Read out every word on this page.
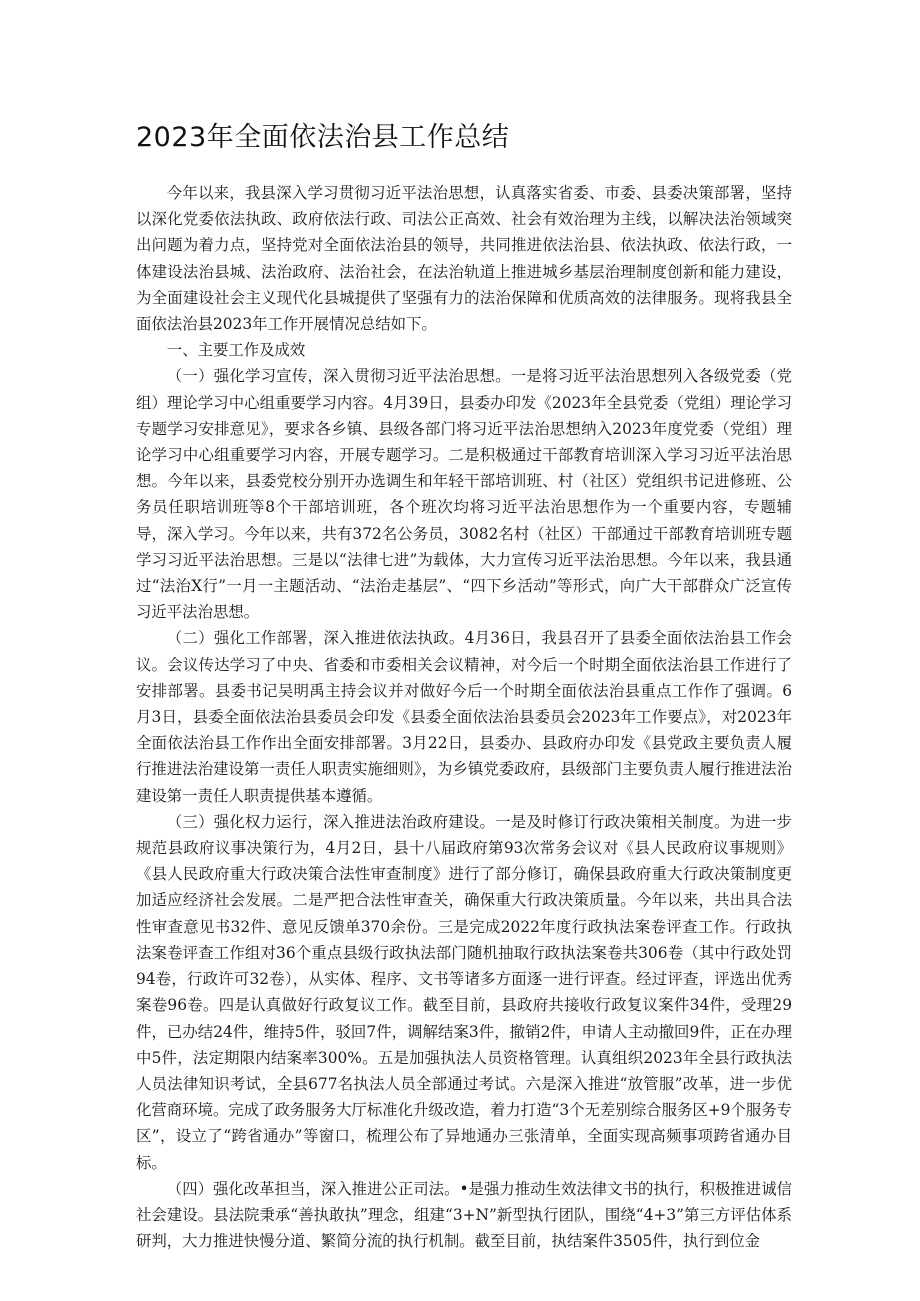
2023年全面依法治县工作总结

今年以来，我县深入学习贯彻习近平法治思想，认真落实省委、市委、县委决策部署，坚持以深化党委依法执政、政府依法行政、司法公正高效、社会有效治理为主线，以解决法治领域突出问题为着力点，坚持党对全面依法治县的领导，共同推进依法治县、依法执政、依法行政，一体建设法治县城、法治政府、法治社会，在法治轨道上推进城乡基层治理制度创新和能力建设，为全面建设社会主义现代化县城提供了坚强有力的法治保障和优质高效的法律服务。现将我县全面依法治县2023年工作开展情况总结如下。

一、主要工作及成效

（一）强化学习宣传，深入贯彻习近平法治思想。一是将习近平法治思想列入各级党委（党组）理论学习中心组重要学习内容。4月39日，县委办印发《2023年全县党委（党组）理论学习专题学习安排意见》，要求各乡镇、县级各部门将习近平法治思想纳入2023年度党委（党组）理论学习中心组重要学习内容，开展专题学习。二是积极通过干部教育培训深入学习习近平法治思想。今年以来，县委党校分别开办选调生和年轻干部培训班、村（社区）党组织书记进修班、公务员任职培训班等8个干部培训班，各个班次均将习近平法治思想作为一个重要内容，专题辅导，深入学习。今年以来，共有372名公务员，3082名村（社区）干部通过干部教育培训班专题学习习近平法治思想。三是以“法律七进”为载体，大力宣传习近平法治思想。今年以来，我县通过“法治X行”一月一主题活动、“法治走基层”、“四下乡活动”等形式，向广大干部群众广泛宣传习近平法治思想。

（二）强化工作部署，深入推进依法执政。4月36日，我县召开了县委全面依法治县工作会议。会议传达学习了中央、省委和市委相关会议精神，对今后一个时期全面依法治县工作进行了安排部署。县委书记吴明禹主持会议并对做好今后一个时期全面依法治县重点工作作了强调。6月3日，县委全面依法治县委员会印发《县委全面依法治县委员会2023年工作要点》，对2023年全面依法治县工作作出全面安排部署。3月22日，县委办、县政府办印发《县党政主要负责人履行推进法治建设第一责任人职责实施细则》，为乡镇党委政府，县级部门主要负责人履行推进法治建设第一责任人职责提供基本遵循。

（三）强化权力运行，深入推进法治政府建设。一是及时修订行政决策相关制度。为进一步规范县政府议事决策行为，4月2日，县十八届政府第93次常务会议对《县人民政府议事规则》《县人民政府重大行政决策合法性审查制度》进行了部分修订，确保县政府重大行政决策制度更加适应经济社会发展。二是严把合法性审查关，确保重大行政决策质量。今年以来，共出具合法性审查意见书32件、意见反馈单370余份。三是完成2022年度行政执法案卷评查工作。行政执法案卷评查工作组对36个重点县级行政执法部门随机抽取行政执法案卷共306卷（其中行政处罚94卷，行政许可32卷），从实体、程序、文书等诸多方面逐一进行评查。经过评查，评选出优秀案卷96卷。四是认真做好行政复议工作。截至目前，县政府共接收行政复议案件34件，受理29件，已办结24件，维持5件，驳回7件，调解结案3件，撤销2件，申请人主动撤回9件，正在办理中5件，法定期限内结案率300%。五是加强执法人员资格管理。认真组织2023年全县行政执法人员法律知识考试，全县677名执法人员全部通过考试。六是深入推进“放管服”改革，进一步优化营商环境。完成了政务服务大厅标准化升级改造，着力打造“3个无差别综合服务区+9个服务专区”，设立了“跨省通办”等窗口，梳理公布了异地通办三张清单，全面实现高频事项跨省通办目标。

（四）强化改革担当，深入推进公正司法。•是强力推动生效法律文书的执行，积极推进诚信社会建设。县法院秉承“善执敢执”理念，组建“3+N”新型执行团队，围绕“4+3”第三方评估体系研判，大力推进快慢分道、繁简分流的执行机制。截至目前，执结案件3505件，执行到位金
